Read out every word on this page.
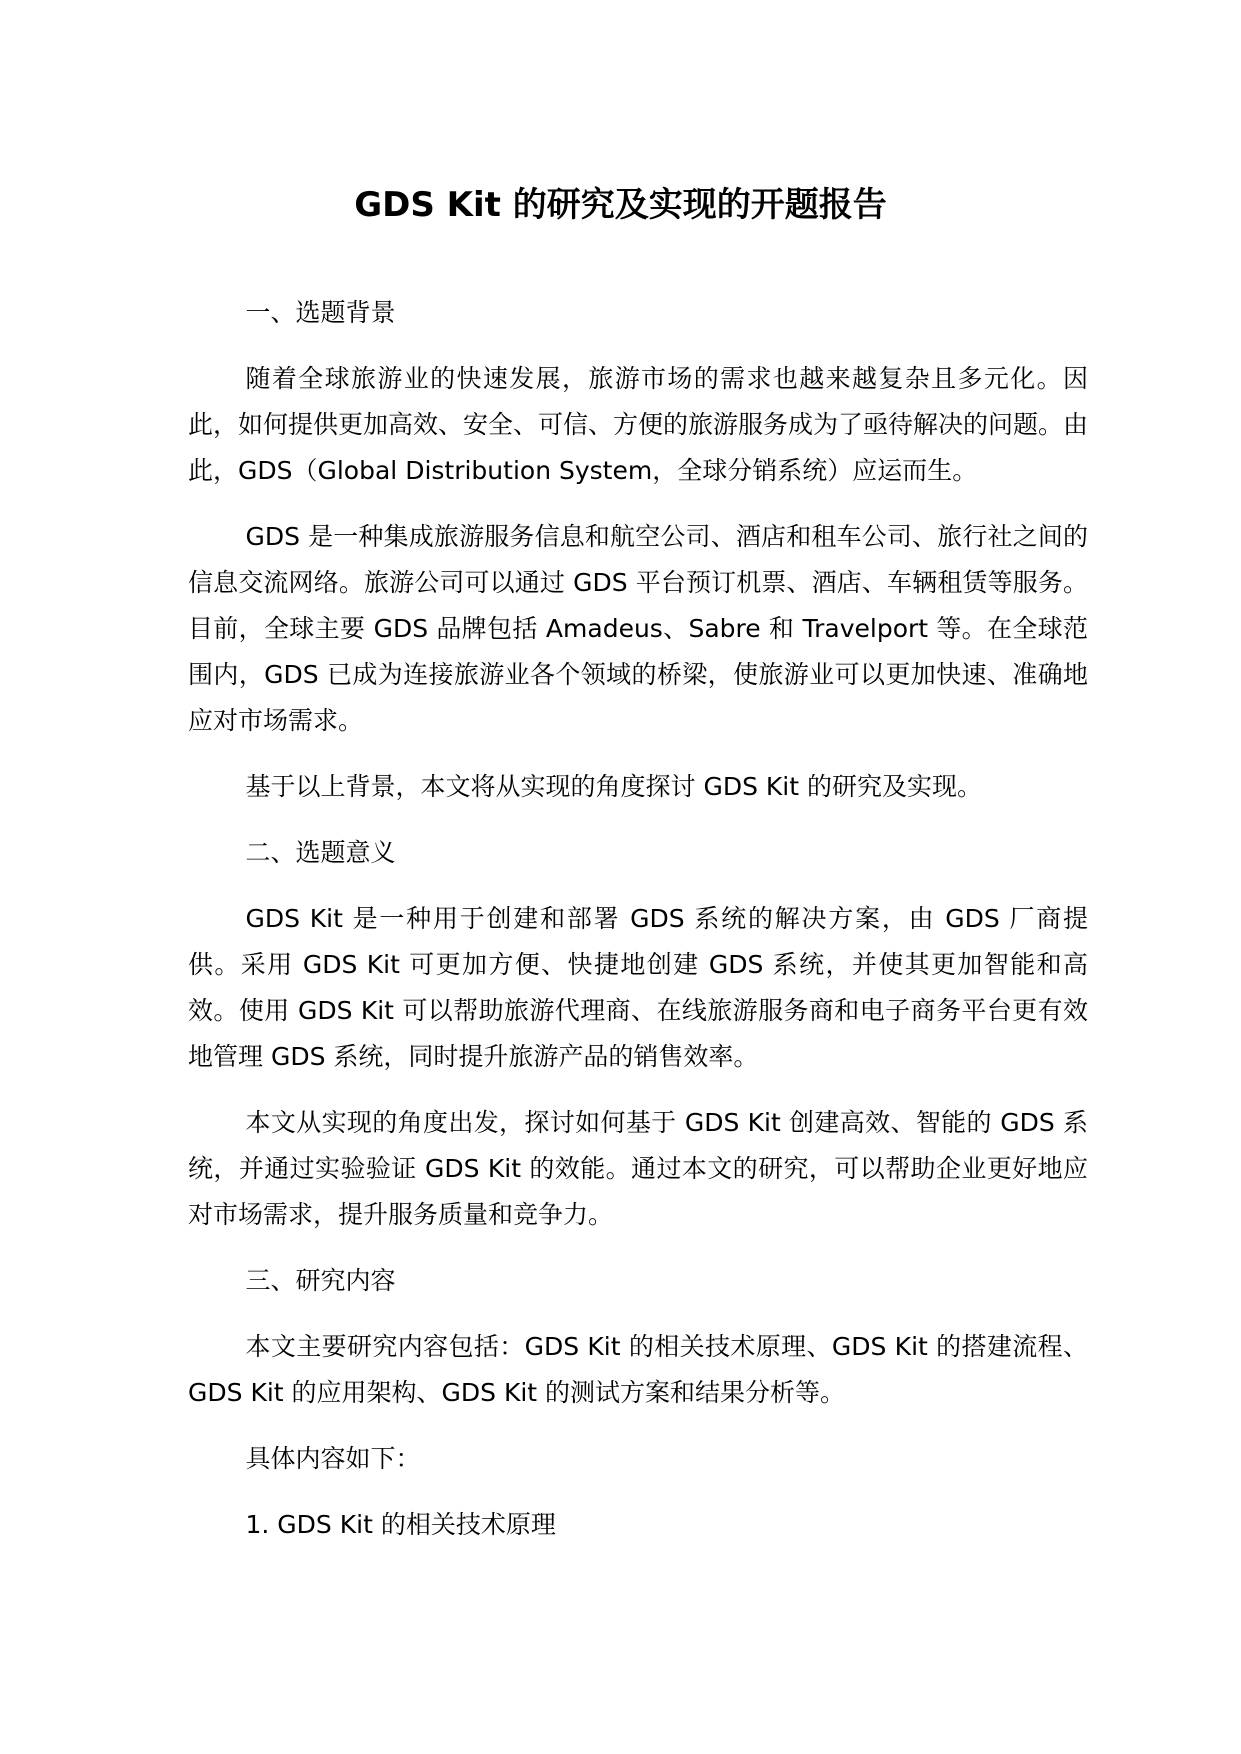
GDS Kit 的研究及实现的开题报告

一、选题背景

随着全球旅游业的快速发展，旅游市场的需求也越来越复杂且多元化。因此，如何提供更加高效、安全、可信、方便的旅游服务成为了亟待解决的问题。由此，GDS（Global Distribution System，全球分销系统）应运而生。

GDS 是一种集成旅游服务信息和航空公司、酒店和租车公司、旅行社之间的信息交流网络。旅游公司可以通过 GDS 平台预订机票、酒店、车辆租赁等服务。目前，全球主要 GDS 品牌包括 Amadeus、Sabre 和 Travelport 等。在全球范围内，GDS 已成为连接旅游业各个领域的桥梁，使旅游业可以更加快速、准确地应对市场需求。

基于以上背景，本文将从实现的角度探讨 GDS Kit 的研究及实现。

二、选题意义

GDS Kit 是一种用于创建和部署 GDS 系统的解决方案，由 GDS 厂商提供。采用 GDS Kit 可更加方便、快捷地创建 GDS 系统，并使其更加智能和高效。使用 GDS Kit 可以帮助旅游代理商、在线旅游服务商和电子商务平台更有效地管理 GDS 系统，同时提升旅游产品的销售效率。

本文从实现的角度出发，探讨如何基于 GDS Kit 创建高效、智能的 GDS 系统，并通过实验验证 GDS Kit 的效能。通过本文的研究，可以帮助企业更好地应对市场需求，提升服务质量和竞争力。

三、研究内容

本文主要研究内容包括：GDS Kit 的相关技术原理、GDS Kit 的搭建流程、GDS Kit 的应用架构、GDS Kit 的测试方案和结果分析等。

具体内容如下：

1. GDS Kit 的相关技术原理
